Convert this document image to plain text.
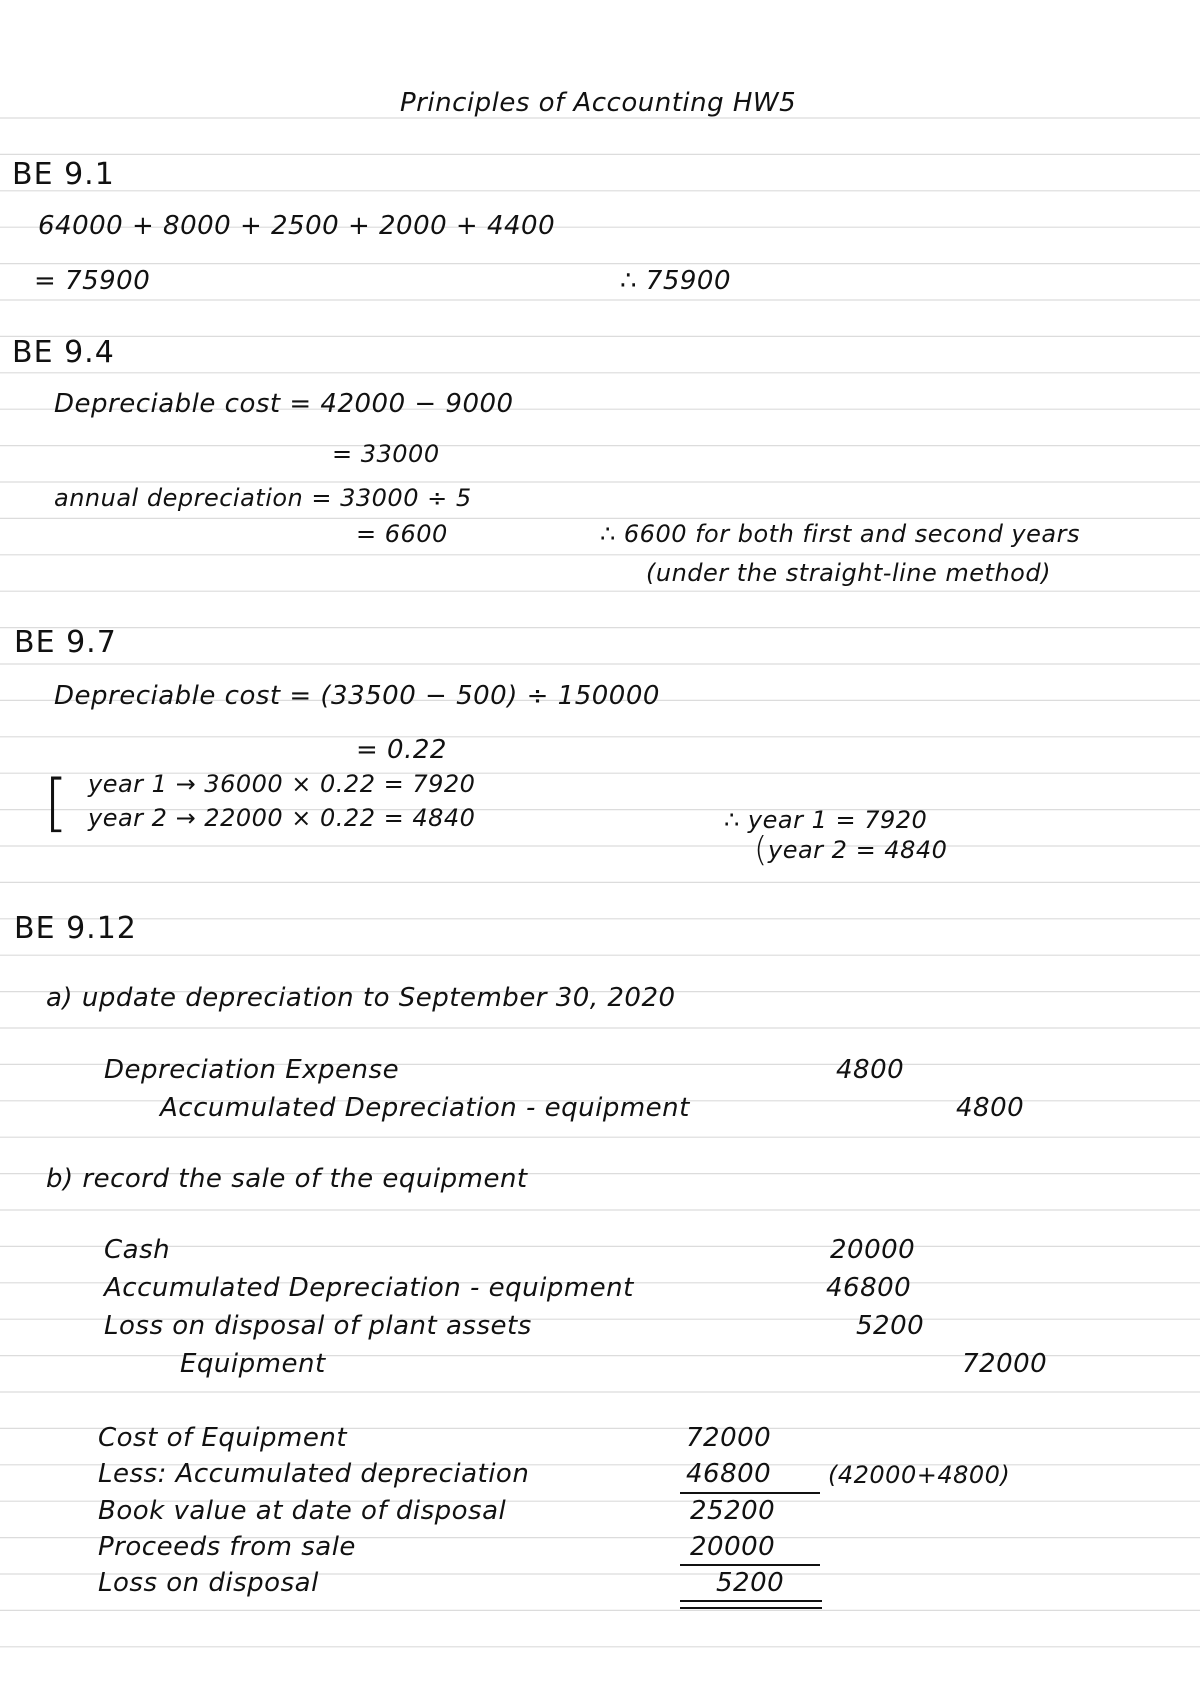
Principles of Accounting HW5
BE 9.1
64000 + 8000 + 2500 + 2000 + 4400
= 75900	∴ 75900
BE 9.4
Depreciable cost = 42000 − 9000
= 33000
annual depreciation = 33000 ÷ 5
= 6600	∴ 6600 for both first and second years
(under the straight-line method)
BE 9.7
Depreciable cost = (33500 − 500) ÷ 150000
= 0.22
[ year 1 → 36000 × 0.22 = 7920
year 2 → 22000 × 0.22 = 4840	∴ year 1 = 7920
( year 2 = 4840
BE 9.12
a) update depreciation to September 30, 2020
Depreciation Expense	4800
Accumulated Depreciation - equipment	4800
b) record the sale of the equipment
Cash	20000
Accumulated Depreciation - equipment	46800
Loss on disposal of plant assets	5200
Equipment	72000
Cost of Equipment	72000
Less: Accumulated depreciation	46800 (42000+4800)
Book value at date of disposal	25200
Proceeds from sale	20000
Loss on disposal	5200
